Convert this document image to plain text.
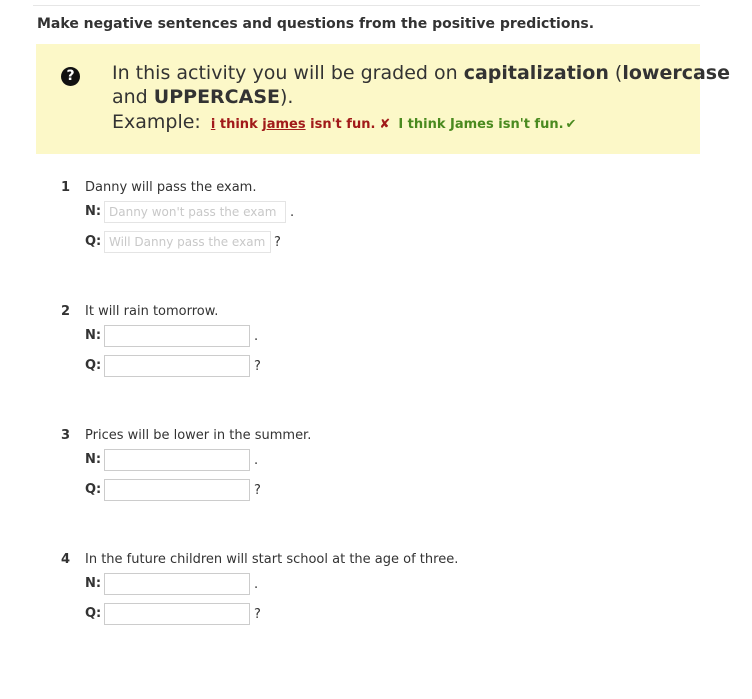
Make negative sentences and questions from the positive predictions.
? In this activity you will be graded on capitalization (lowercase and UPPERCASE).
Example: i think james isn't fun. ✘ I think James isn't fun. ✔
1 Danny will pass the exam.
N:
Danny won't pass the exam	.
Q:
Will Danny pass the exam	?
2 It will rain tomorrow.
N:	.
Q:	?
3 Prices will be lower in the summer.
N:	.
Q:	?
4 In the future children will start school at the age of three.
N:	.
Q:	?
